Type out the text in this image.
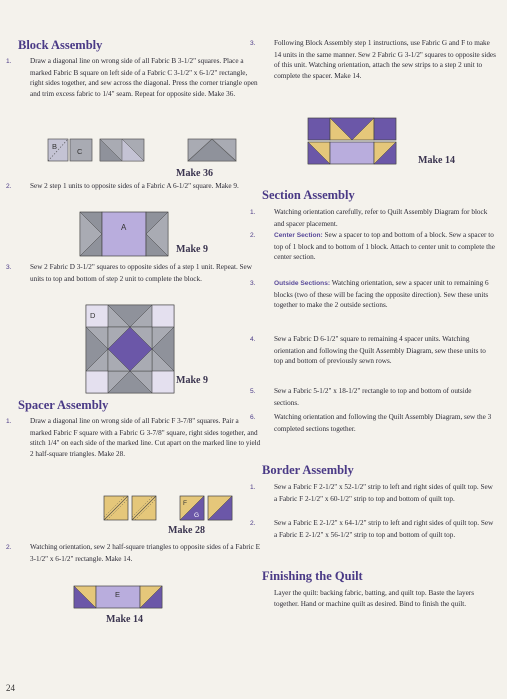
Block Assembly

1.	Draw a diagonal line on wrong side of all Fabric B 3-1/2" squares. Place a marked Fabric B square on left side of a Fabric C 3-1/2" x 6-1/2" rectangle, right sides together, and sew across the diagonal. Press the corner triangle open and trim excess fabric to 1/4" seam. Repeat for opposite side. Make 36.

B
C
Make 36

2.	Sew 2 step 1 units to opposite sides of a Fabric A 6-1/2" square. Make 9.

A
Make 9

3.	Sew 2 Fabric D 3-1/2" squares to opposite sides of a step 1 unit. Repeat. Sew units to top and bottom of step 2 unit to complete the block.

D
Make 9
Spacer Assembly

1.	Draw a diagonal line on wrong side of all Fabric F 3-7/8" squares. Pair a marked Fabric F square with a Fabric G 3-7/8" square, right sides together, and stitch 1/4" on each side of the marked line. Cut apart on the marked line to yield 2 half-square triangles. Make 28.

F
G
Make 28

2.	Watching orientation, sew 2 half-square triangles to opposite sides of a Fabric E 3-1/2" x 6-1/2" rectangle. Make 14.

E
Make 14

3.	Following Block Assembly step 1 instructions, use Fabric G and F to make 14 units in the same manner. Sew 2 Fabric G 3-1/2" squares to opposite sides of this unit. Watching orientation, attach the sew strips to a step 2 unit to complete the spacer. Make 14.

Make 14
Section Assembly

1.	Watching orientation carefully, refer to Quilt Assembly Diagram for block and spacer placement.

2.	Center Section: Sew a spacer to top and bottom of a block. Sew a spacer to top of 1 block and to bottom of 1 block. Attach to center unit to complete the center section.

3.	Outside Sections: Watching orientation, sew a spacer unit to remaining 6 blocks (two of these will be facing the opposite direction). Sew these units together to make the 2 outside sections.

4.	Sew a Fabric D 6-1/2" square to remaining 4 spacer units. Watching orientation and following the Quilt Assembly Diagram, sew these units to top and bottom of previously sewn rows.

5.	Sew a Fabric 5-1/2" x 18-1/2" rectangle to top and bottom of outside sections.

6.	Watching orientation and following the Quilt Assembly Diagram, sew the 3 completed sections together.

Border Assembly

1.	Sew a Fabric F 2-1/2" x 52-1/2" strip to left and right sides of quilt top. Sew a Fabric F 2-1/2" x 60-1/2" strip to top and bottom of quilt top.

2.	Sew a Fabric E 2-1/2" x 64-1/2" strip to left and right sides of quilt top. Sew a Fabric E 2-1/2" x 56-1/2" strip to top and bottom of quilt top.

Finishing the Quilt

Layer the quilt: backing fabric, batting, and quilt top. Baste the layers together. Hand or machine quilt as desired. Bind to finish the quilt.

24
